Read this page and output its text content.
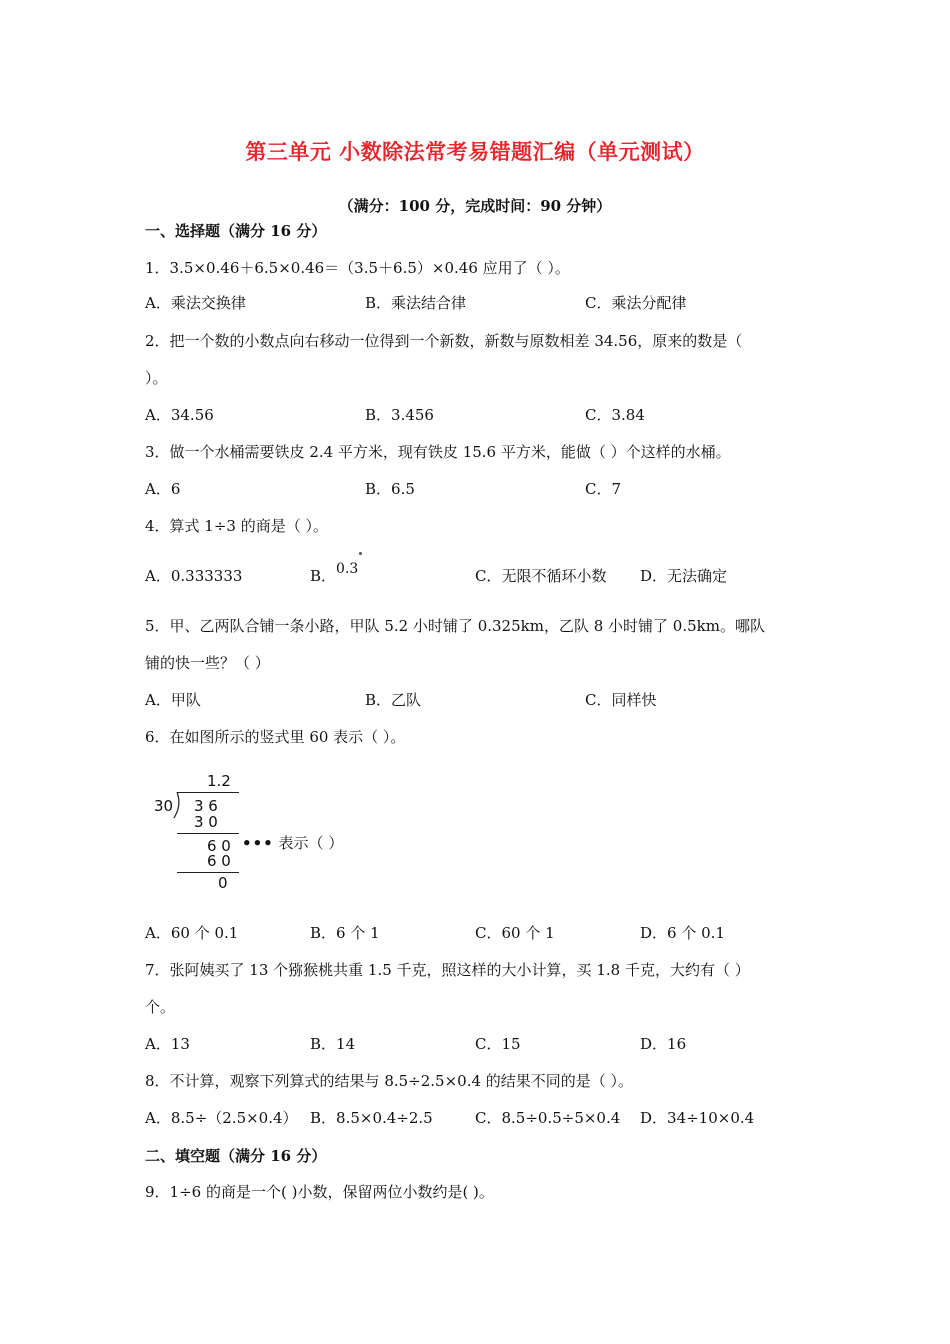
第三单元 小数除法常考易错题汇编（单元测试）
（满分：100 分，完成时间：90 分钟）
一、选择题（满分 16 分）
1．3.5×0.46＋6.5×0.46＝（3.5＋6.5）×0.46 应用了（ ）。
A．乘法交换律	B．乘法结合律	C．乘法分配律
2．把一个数的小数点向右移动一位得到一个新数，新数与原数相差 34.56，原来的数是（
）。
A．34.56	B．3.456	C．3.84
3．做一个水桶需要铁皮 2.4 平方米，现有铁皮 15.6 平方米，能做（ ）个这样的水桶。
A．6	B．6.5	C．7
4．算式 1÷3 的商是（ ）。
A．0.333333	B．0.3	C．无限不循环小数 D．无法确定
5．甲、乙两队合铺一条小路，甲队 5.2 小时铺了 0.325km，乙队 8 小时铺了 0.5km。哪队
铺的快一些？（ ）
A．甲队	B．乙队	C．同样快
6．在如图所示的竖式里 60 表示（ ）。
1.2
30 3 6
3 0
6 0
6 0
0
••• 表示（ ）
A．60 个 0.1	B．6 个 1	C．60 个 1	D．6 个 0.1
7．张阿姨买了 13 个猕猴桃共重 1.5 千克，照这样的大小计算，买 1.8 千克，大约有（ ）
个。
A．13	B．14	C．15	D．16
8．不计算，观察下列算式的结果与 8.5÷2.5×0.4 的结果不同的是（ ）。
A．8.5÷（2.5×0.4） B．8.5×0.4÷2.5	C．8.5÷0.5÷5×0.4 D．34÷10×0.4
二、填空题（满分 16 分）
9．1÷6 的商是一个( )小数，保留两位小数约是( )。
